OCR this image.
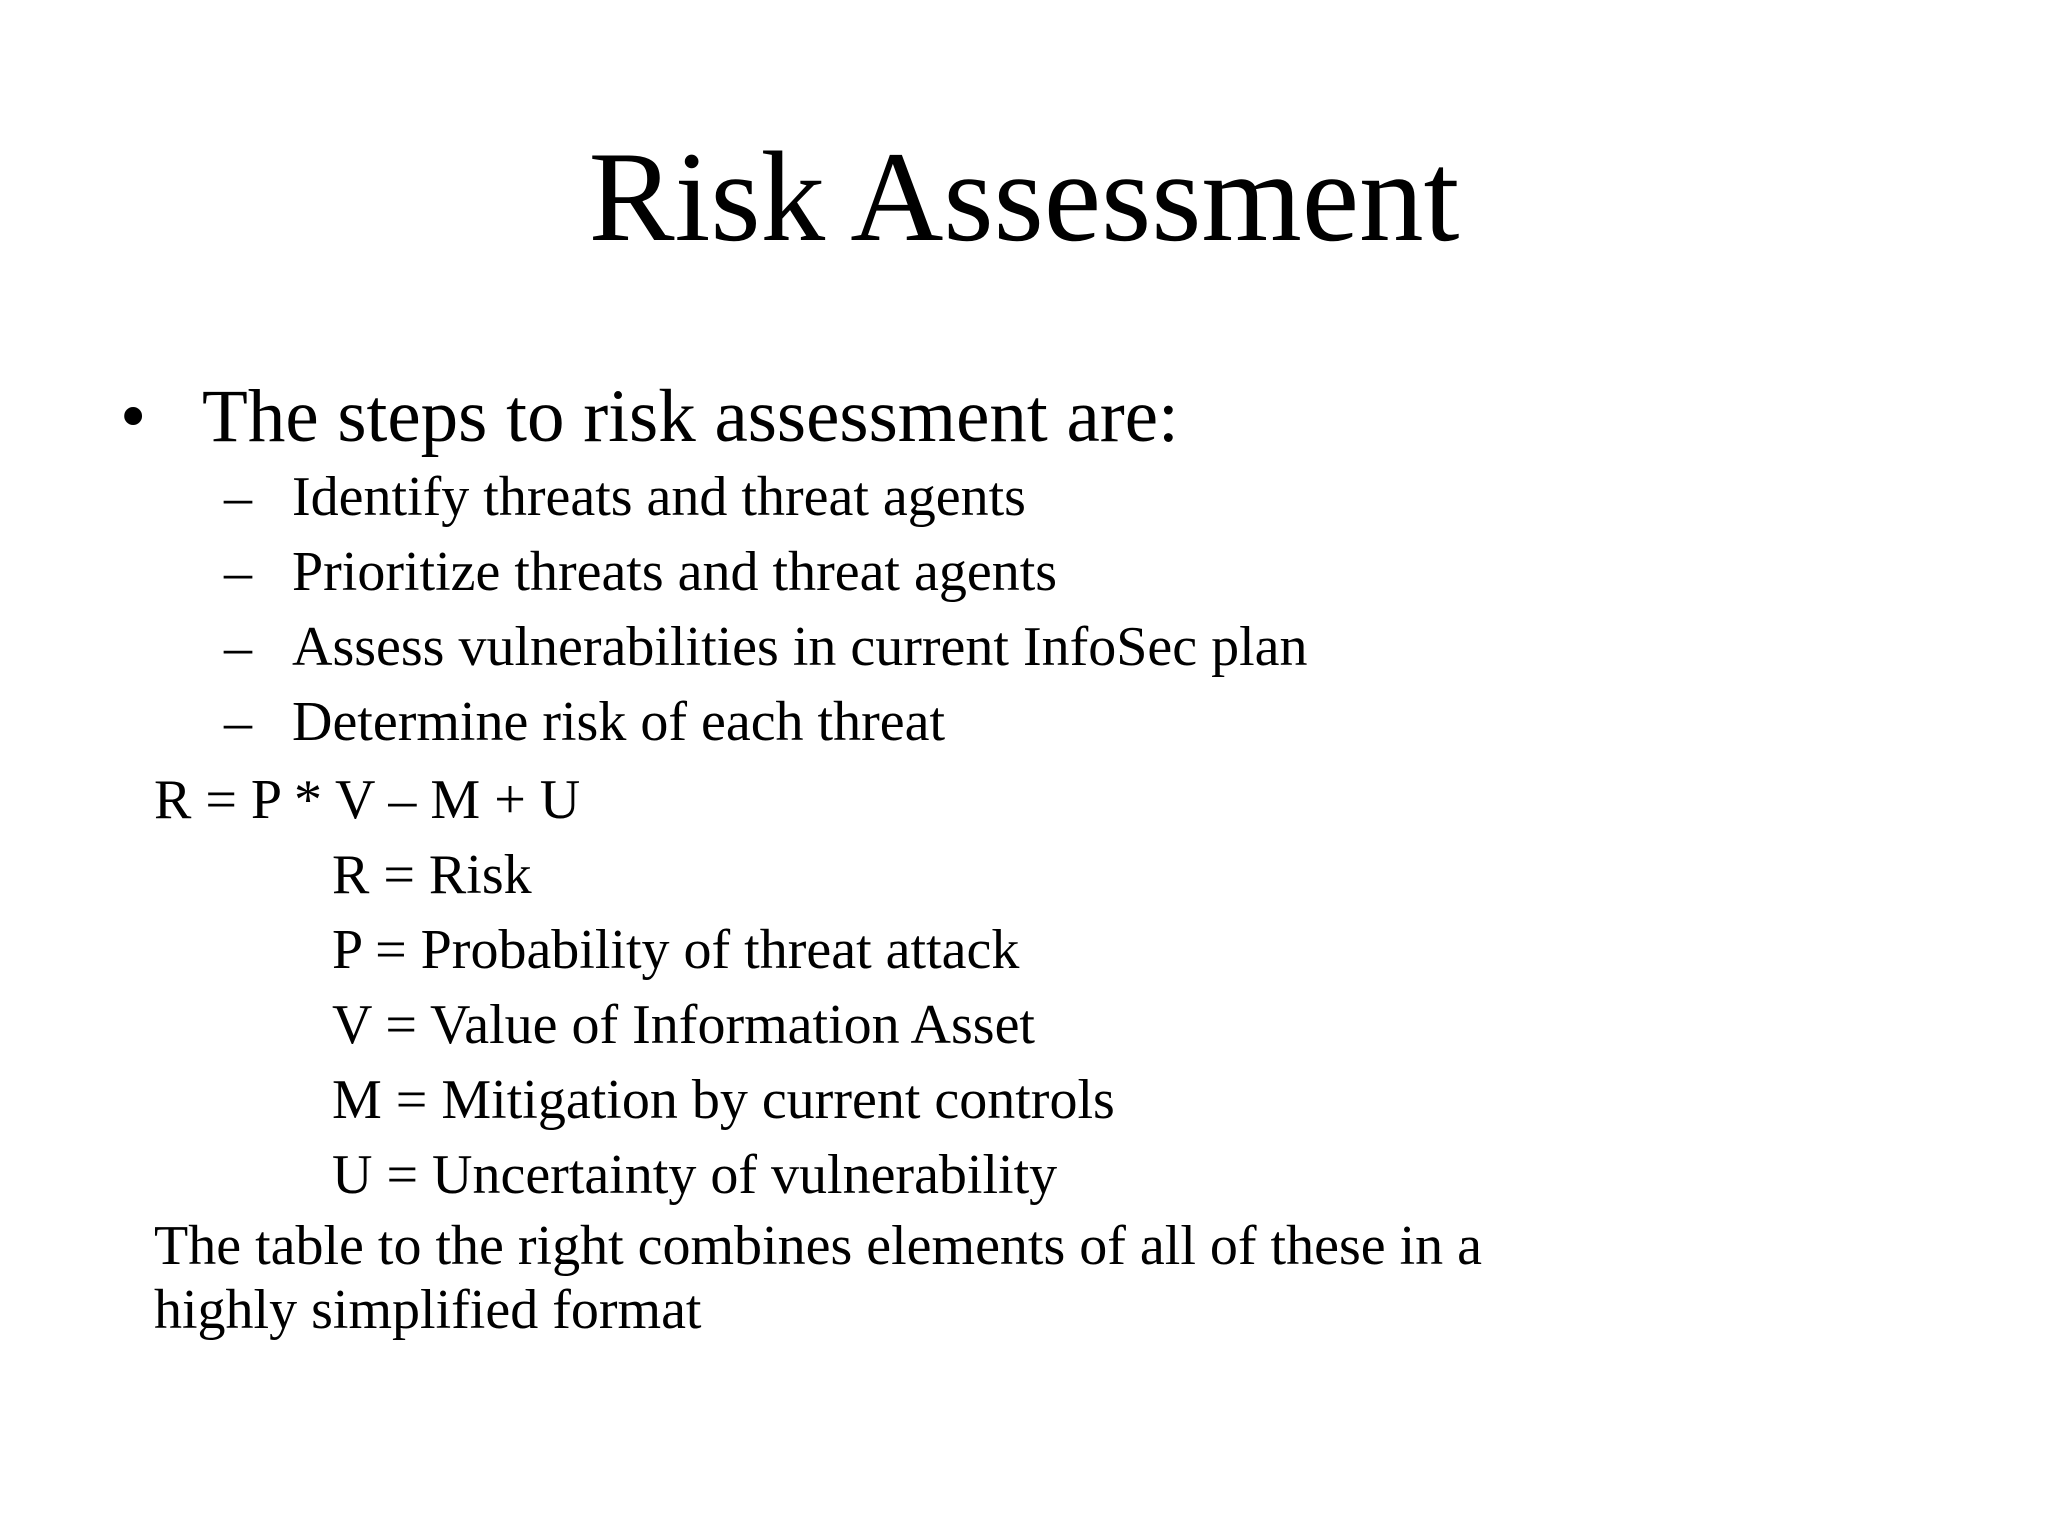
Risk Assessment
• The steps to risk assessment are:
– Identify threats and threat agents
– Prioritize threats and threat agents
– Assess vulnerabilities in current InfoSec plan
– Determine risk of each threat
R = P * V – M + U
R = Risk
P = Probability of threat attack
V = Value of Information Asset
M = Mitigation by current controls
U = Uncertainty of vulnerability
The table to the right combines elements of all of these in a
highly simplified format
